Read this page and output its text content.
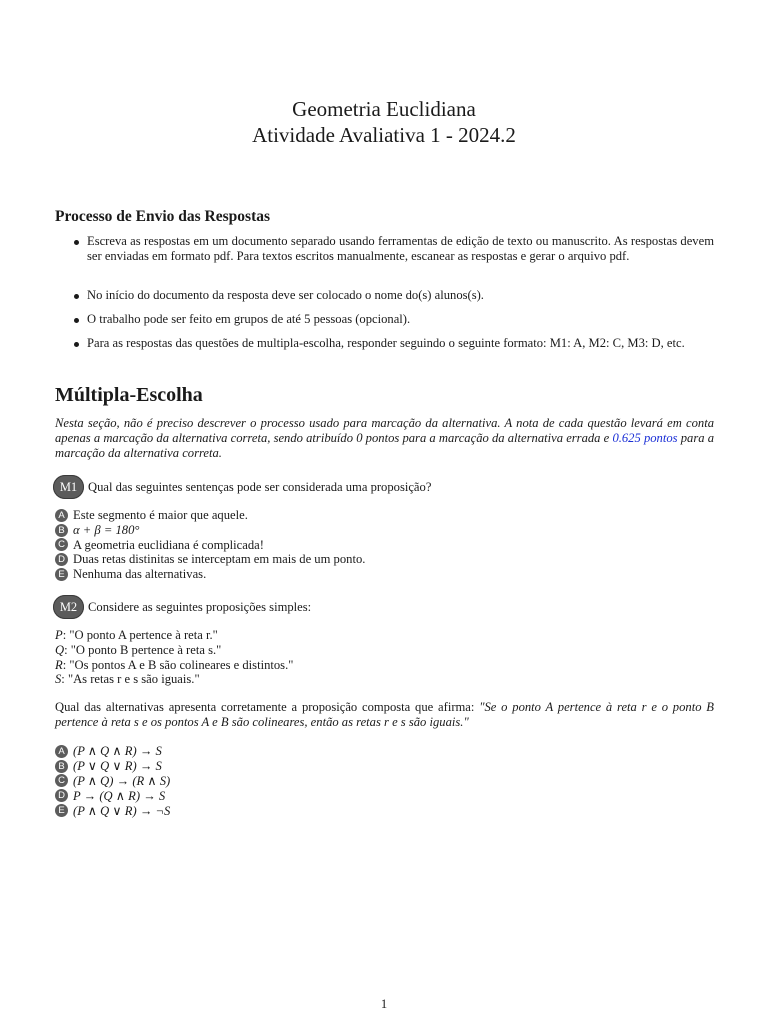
Geometria Euclidiana
Atividade Avaliativa 1 - 2024.2
Processo de Envio das Respostas
Escreva as respostas em um documento separado usando ferramentas de edição de texto ou manuscrito. As respostas devem ser enviadas em formato pdf. Para textos escritos manualmente, escanear as respostas e gerar o arquivo pdf.
No início do documento da resposta deve ser colocado o nome do(s) alunos(s).
O trabalho pode ser feito em grupos de até 5 pessoas (opcional).
Para as respostas das questões de multipla-escolha, responder seguindo o seguinte formato: M1: A, M2: C, M3: D, etc.
Múltipla-Escolha
Nesta seção, não é preciso descrever o processo usado para marcação da alternativa. A nota de cada questão levará em conta apenas a marcação da alternativa correta, sendo atribuído 0 pontos para a marcação da alternativa errada e 0.625 pontos para a marcação da alternativa correta.
M1 Qual das seguintes sentenças pode ser considerada uma proposição?
A Este segmento é maior que aquele.
B α + β = 180°
C A geometria euclidiana é complicada!
D Duas retas distinitas se interceptam em mais de um ponto.
E Nenhuma das alternativas.
M2 Considere as seguintes proposições simples:
P: "O ponto A pertence à reta r."
Q: "O ponto B pertence à reta s."
R: "Os pontos A e B são colineares e distintos."
S: "As retas r e s são iguais."
Qual das alternativas apresenta corretamente a proposição composta que afirma: "Se o ponto A pertence à reta r e o ponto B pertence à reta s e os pontos A e B são colineares, então as retas r e s são iguais."
A (P ∧ Q ∧ R) → S
B (P ∨ Q ∨ R) → S
C (P ∧ Q) → (R ∧ S)
D P → (Q ∧ R) → S
E (P ∧ Q ∨ R) → ¬S
1
